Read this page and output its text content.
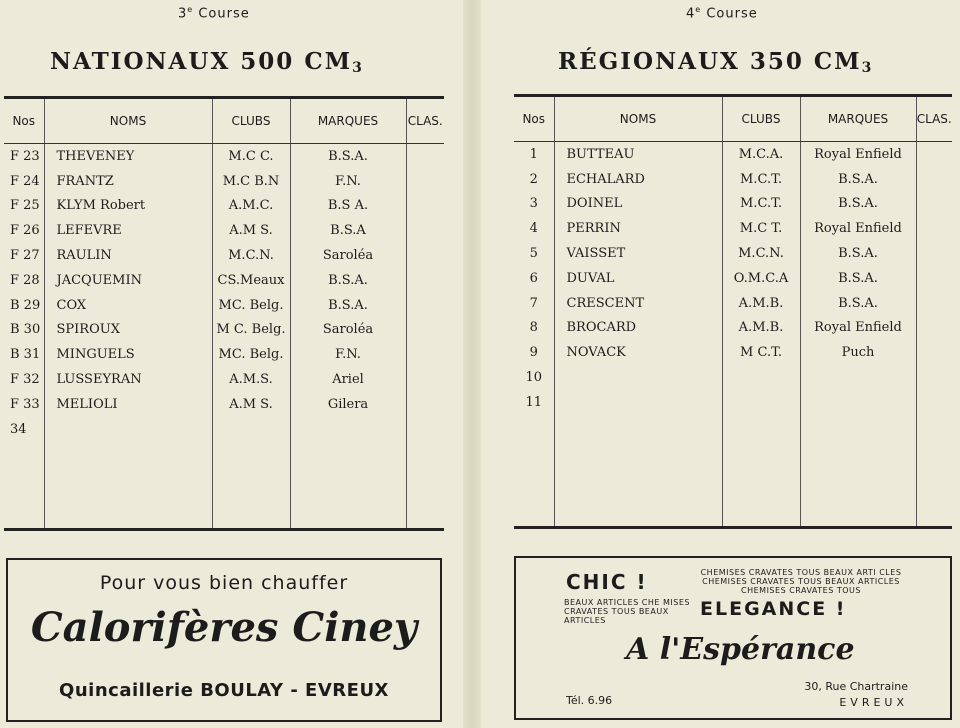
3e Course
NATIONAUX 500 $CM_3$
Nos	NOMS	CLUBS	MARQUES	CLAS.
F 23	THEVENEY	M.C C.	B.S.A.	
F 24	FRANTZ	M.C B.N	F.N.	
F 25	KLYM Robert	A.M.C.	B.S A.	
F 26	LEFEVRE	A.M S.	B.S.A	
F 27	RAULIN	M.C.N.	Saroléa	
F 28	JACQUEMIN	CS.Meaux	B.S.A.	
B 29	COX	MC. Belg.	B.S.A.	
B 30	SPIROUX	M C. Belg.	Saroléa	
B 31	MINGUELS	MC. Belg.	F.N.	
F 32	LUSSEYRAN	A.M.S.	Ariel	
F 33	MELIOLI	A.M S.	Gilera	
34				

Pour vous bien chauffer
Calorifères Ciney
Quincaillerie BOULAY - EVREUX
4e Course
RÉGIONAUX 350 $CM_3$
Nos	NOMS	CLUBS	MARQUES	CLAS.
1	BUTTEAU	M.C.A.	Royal Enfield	
2	ECHALARD	M.C.T.	B.S.A.	
3	DOINEL	M.C.T.	B.S.A.	
4	PERRIN	M.C T.	Royal Enfield	
5	VAISSET	M.C.N.	B.S.A.	
6	DUVAL	O.M.C.A	B.S.A.	
7	CRESCENT	A.M.B.	B.S.A.	
8	BROCARD	A.M.B.	Royal Enfield	
9	NOVACK	M C.T.	Puch	
10				
11				

CHIC !
BEAUX ARTICLES CHE MISES CRAVATES TOUS BEAUX ARTICLES
CHEMISES CRAVATES TOUS BEAUX ARTI CLES CHEMISES CRAVATES TOUS BEAUX ARTICLES CHEMISES CRAVATES TOUS
ELEGANCE !
A l'Espérance
Tél. 6.96
30, Rue Chartraine
EVREUX
